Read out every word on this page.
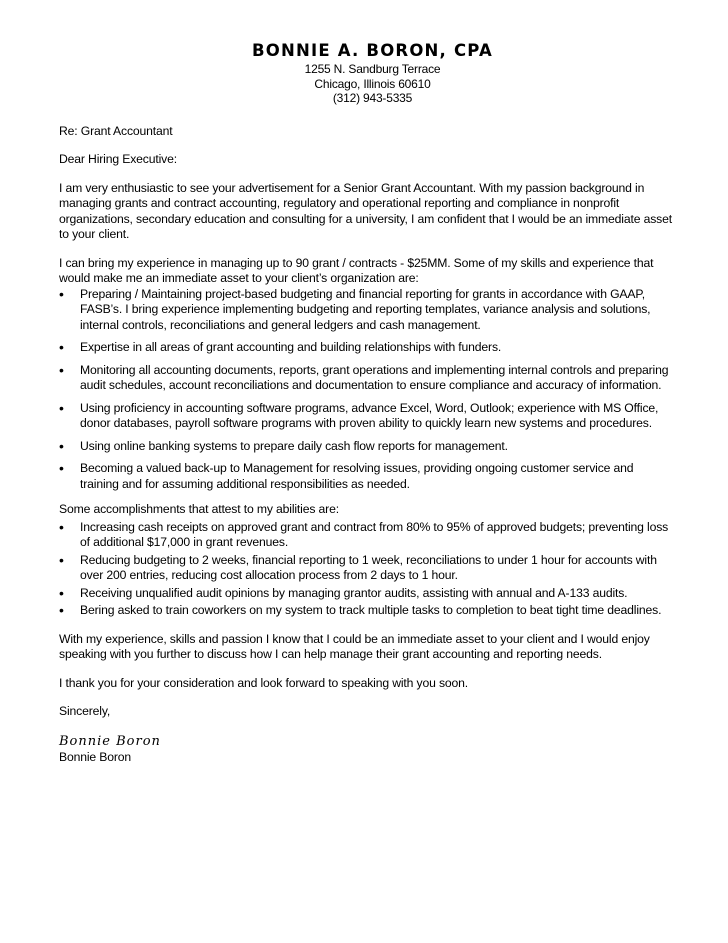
BONNIE A. BORON, CPA
1255 N. Sandburg Terrace
Chicago, Illinois 60610
(312) 943-5335

Re: Grant Accountant

Dear Hiring Executive:

I am very enthusiastic to see your advertisement for a Senior Grant Accountant. With my passion background in managing grants and contract accounting, regulatory and operational reporting and compliance in nonprofit organizations, secondary education and consulting for a university, I am confident that I would be an immediate asset to your client.

I can bring my experience in managing up to 90 grant / contracts - $25MM. Some of my skills and experience that would make me an immediate asset to your client’s organization are:

• Preparing / Maintaining project-based budgeting and financial reporting for grants in accordance with GAAP, FASB’s. I bring experience implementing budgeting and reporting templates, variance analysis and solutions, internal controls, reconciliations and general ledgers and cash management.
• Expertise in all areas of grant accounting and building relationships with funders.
• Monitoring all accounting documents, reports, grant operations and implementing internal controls and preparing audit schedules, account reconciliations and documentation to ensure compliance and accuracy of information.
• Using proficiency in accounting software programs, advance Excel, Word, Outlook; experience with MS Office, donor databases, payroll software programs with proven ability to quickly learn new systems and procedures.
• Using online banking systems to prepare daily cash flow reports for management.
• Becoming a valued back-up to Management for resolving issues, providing ongoing customer service and training and for assuming additional responsibilities as needed.

Some accomplishments that attest to my abilities are:

• Increasing cash receipts on approved grant and contract from 80% to 95% of approved budgets; preventing loss of additional $17,000 in grant revenues.
• Reducing budgeting to 2 weeks, financial reporting to 1 week, reconciliations to under 1 hour for accounts with over 200 entries, reducing cost allocation process from 2 days to 1 hour.
• Receiving unqualified audit opinions by managing grantor audits, assisting with annual and A-133 audits.
• Bering asked to train coworkers on my system to track multiple tasks to completion to beat tight time deadlines.

With my experience, skills and passion I know that I could be an immediate asset to your client and I would enjoy speaking with you further to discuss how I can help manage their grant accounting and reporting needs.

I thank you for your consideration and look forward to speaking with you soon.

Sincerely,

Bonnie Boron

Bonnie Boron
